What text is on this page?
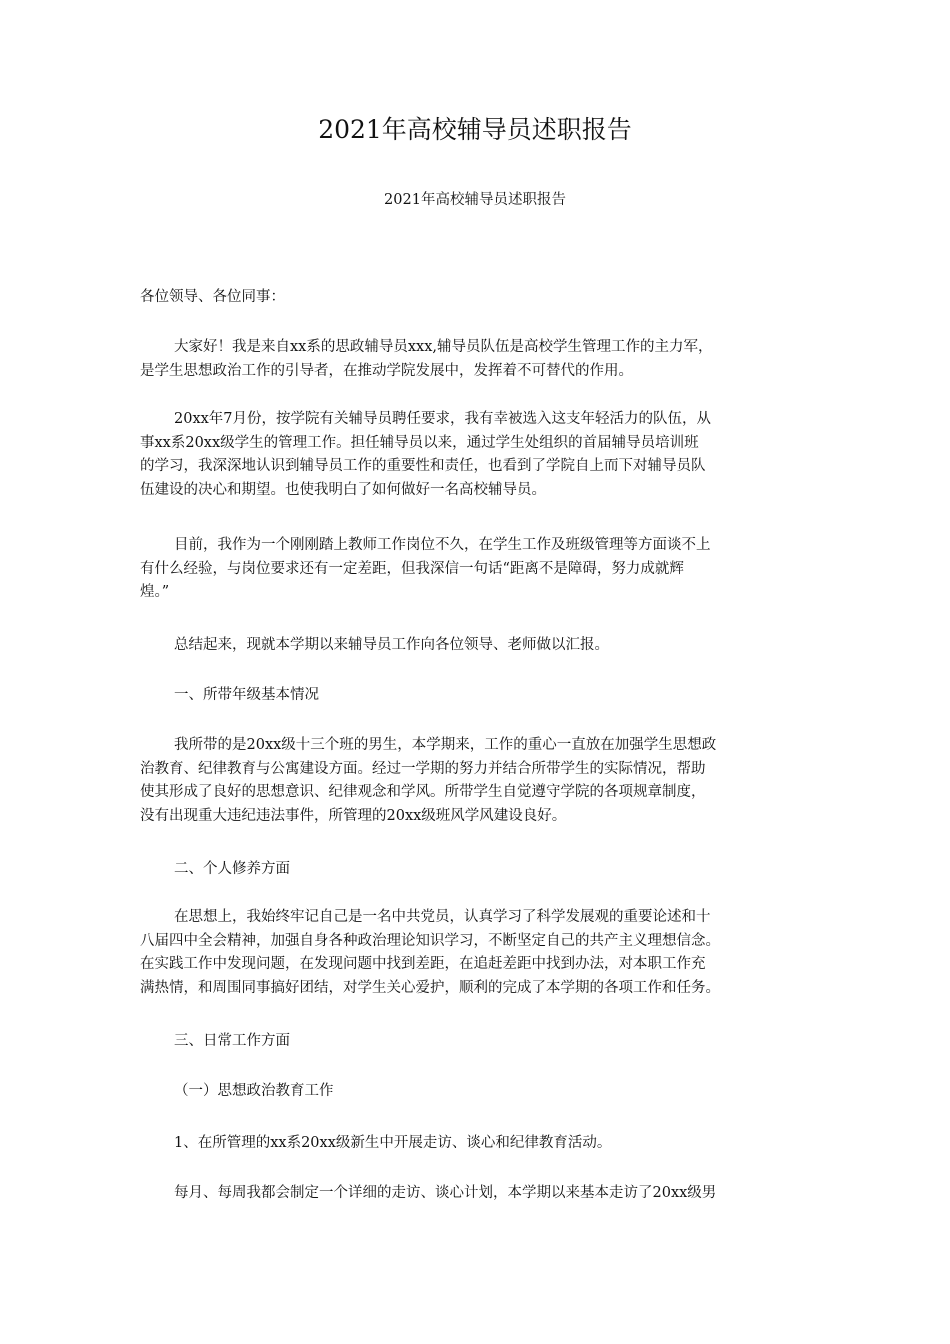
2021年高校辅导员述职报告
2021年高校辅导员述职报告

各位领导、各位同事：

大家好！我是来自xx系的思政辅导员xxx,辅导员队伍是高校学生管理工作的主力军，

是学生思想政治工作的引导者，在推动学院发展中，发挥着不可替代的作用。

20xx年7月份，按学院有关辅导员聘任要求，我有幸被选入这支年轻活力的队伍，从

事xx系20xx级学生的管理工作。担任辅导员以来，通过学生处组织的首届辅导员培训班

的学习，我深深地认识到辅导员工作的重要性和责任，也看到了学院自上而下对辅导员队

伍建设的决心和期望。也使我明白了如何做好一名高校辅导员。

目前，我作为一个刚刚踏上教师工作岗位不久，在学生工作及班级管理等方面谈不上

有什么经验，与岗位要求还有一定差距，但我深信一句话“距离不是障碍，努力成就辉

煌。”

总结起来，现就本学期以来辅导员工作向各位领导、老师做以汇报。

一、所带年级基本情况

我所带的是20xx级十三个班的男生，本学期来，工作的重心一直放在加强学生思想政

治教育、纪律教育与公寓建设方面。经过一学期的努力并结合所带学生的实际情况，帮助

使其形成了良好的思想意识、纪律观念和学风。所带学生自觉遵守学院的各项规章制度，

没有出现重大违纪违法事件，所管理的20xx级班风学风建设良好。

二、个人修养方面

在思想上，我始终牢记自己是一名中共党员，认真学习了科学发展观的重要论述和十

八届四中全会精神，加强自身各种政治理论知识学习，不断坚定自己的共产主义理想信念。

在实践工作中发现问题，在发现问题中找到差距，在追赶差距中找到办法，对本职工作充

满热情，和周围同事搞好团结，对学生关心爱护，顺利的完成了本学期的各项工作和任务。

三、日常工作方面

（一）思想政治教育工作

1、在所管理的xx系20xx级新生中开展走访、谈心和纪律教育活动。

每月、每周我都会制定一个详细的走访、谈心计划，本学期以来基本走访了20xx级男
